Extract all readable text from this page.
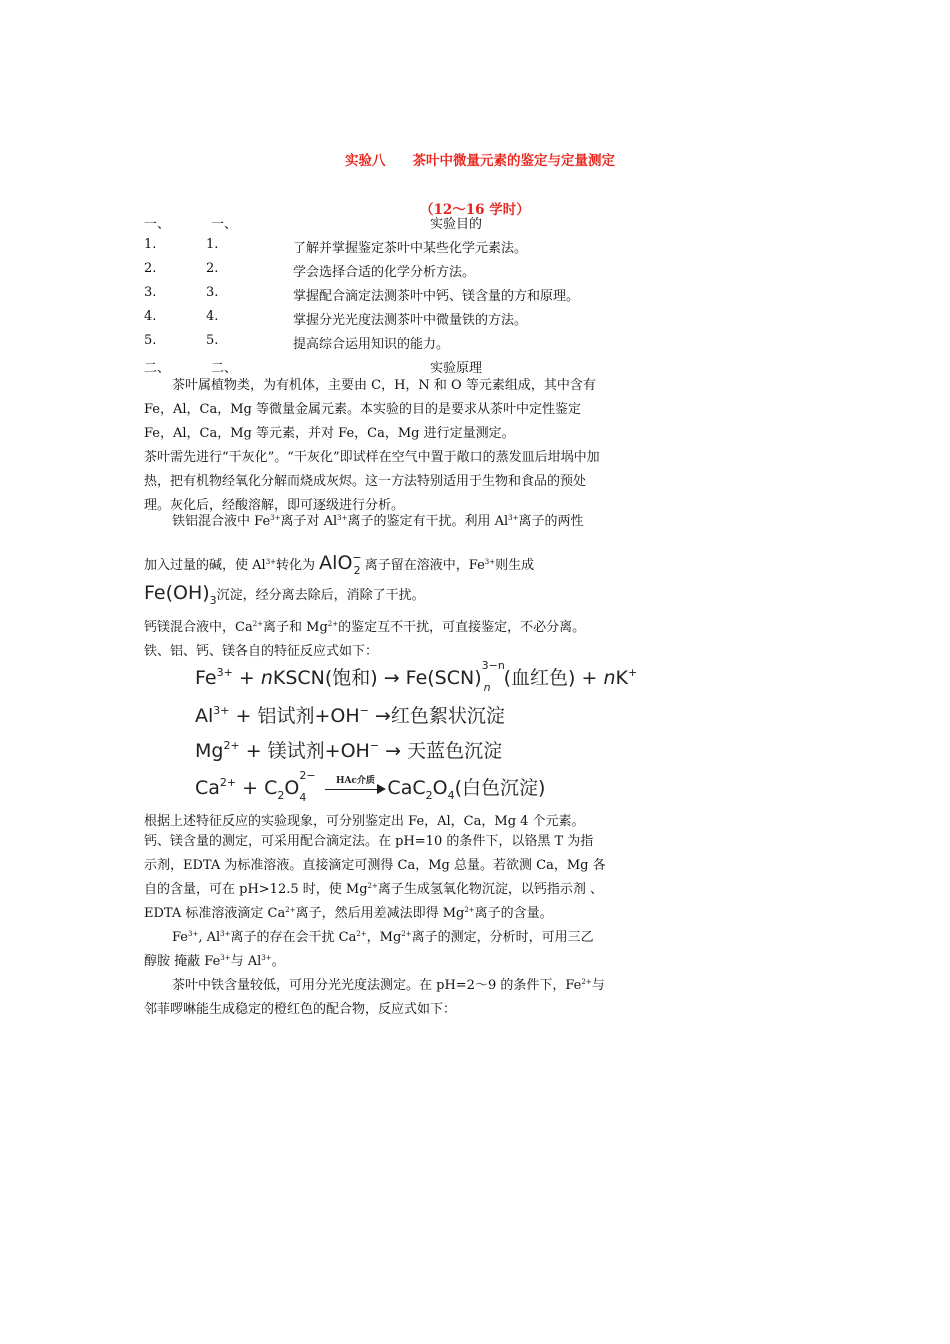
实验八　　茶叶中微量元素的鉴定与定量测定
（12～16 学时）
一、	一、	实验目的
1.	1.	了解并掌握鉴定茶叶中某些化学元素法。
2.	2.	学会选择合适的化学分析方法。
3.	3.	掌握配合滴定法测茶叶中钙、镁含量的方和原理。
4.	4.	掌握分光光度法测茶叶中微量铁的方法。
5.	5.	提高综合运用知识的能力。
二、	二、	实验原理
茶叶属植物类，为有机体，主要由 C，H，N 和 O 等元素组成，其中含有 Fe，Al，Ca，Mg 等微量金属元素。本实验的目的是要求从茶叶中定性鉴定 Fe，Al，Ca，Mg 等元素，并对 Fe，Ca，Mg 进行定量测定。
茶叶需先进行“干灰化”。“干灰化”即试样在空气中置于敞口的蒸发皿后坩埚中加热，把有机物经氧化分解而烧成灰烬。这一方法特别适用于生物和食品的预处理。灰化后，经酸溶解，即可逐级进行分析。
铁铝混合液中 $Fe^{3+}$离子对 $Al^{3+}$离子的鉴定有干扰。利用 $Al^{3+}$离子的两性
加入过量的碱，使 $Al^{3+}$转化为 AlO−$_2$ 离子留在溶液中，$Fe^{3+}$则生成
$Fe(OH)_3$沉淀，经分离去除后，消除了干扰。
钙镁混合液中，$Ca^{2+}$离子和 $Mg^{2+}$的鉴定互不干扰，可直接鉴定，不必分离。
铁、铝、钙、镁各自的特征反应式如下：
$Fe^{3+}$ + nKSCN(饱和) → Fe(SCN)
3−n
n (血红色) + nK+
$Al^{3+}$ + 铝试剂+OH− →红色絮状沉淀
$Mg^{2+}$ + 镁试剂+OH− → 天蓝色沉淀
$Ca^{2+} + C_2O$
2−
4

HAc介质 $CaC_2O_4$(白色沉淀)
根据上述特征反应的实验现象，可分别鉴定出 Fe，Al，Ca，Mg 4 个元素。
钙、镁含量的测定，可采用配合滴定法。在 pH=10 的条件下，以铬黑 T 为指示剂，EDTA 为标准溶液。直接滴定可测得 Ca，Mg 总量。若欲测 Ca，Mg 各自的含量，可在 pH>12.5 时，使 $Mg^{2+}$离子生成氢氧化物沉淀，以钙指示剂 、EDTA 标准溶液滴定 $Ca^{2+}$离子，然后用差减法即得 $Mg^{2+}$离子的含量。
$Fe^{3+}$, $Al^{3+}$离子的存在会干扰 $Ca^{2+}$，$Mg^{2+}$离子的测定，分析时，可用三乙醇胺 掩蔽 $Fe^{3+}$与 $Al^{3+}$。
茶叶中铁含量较低，可用分光光度法测定。在 pH=2～9 的条件下，$Fe^{2+}$与邻菲啰啉能生成稳定的橙红色的配合物，反应式如下：
